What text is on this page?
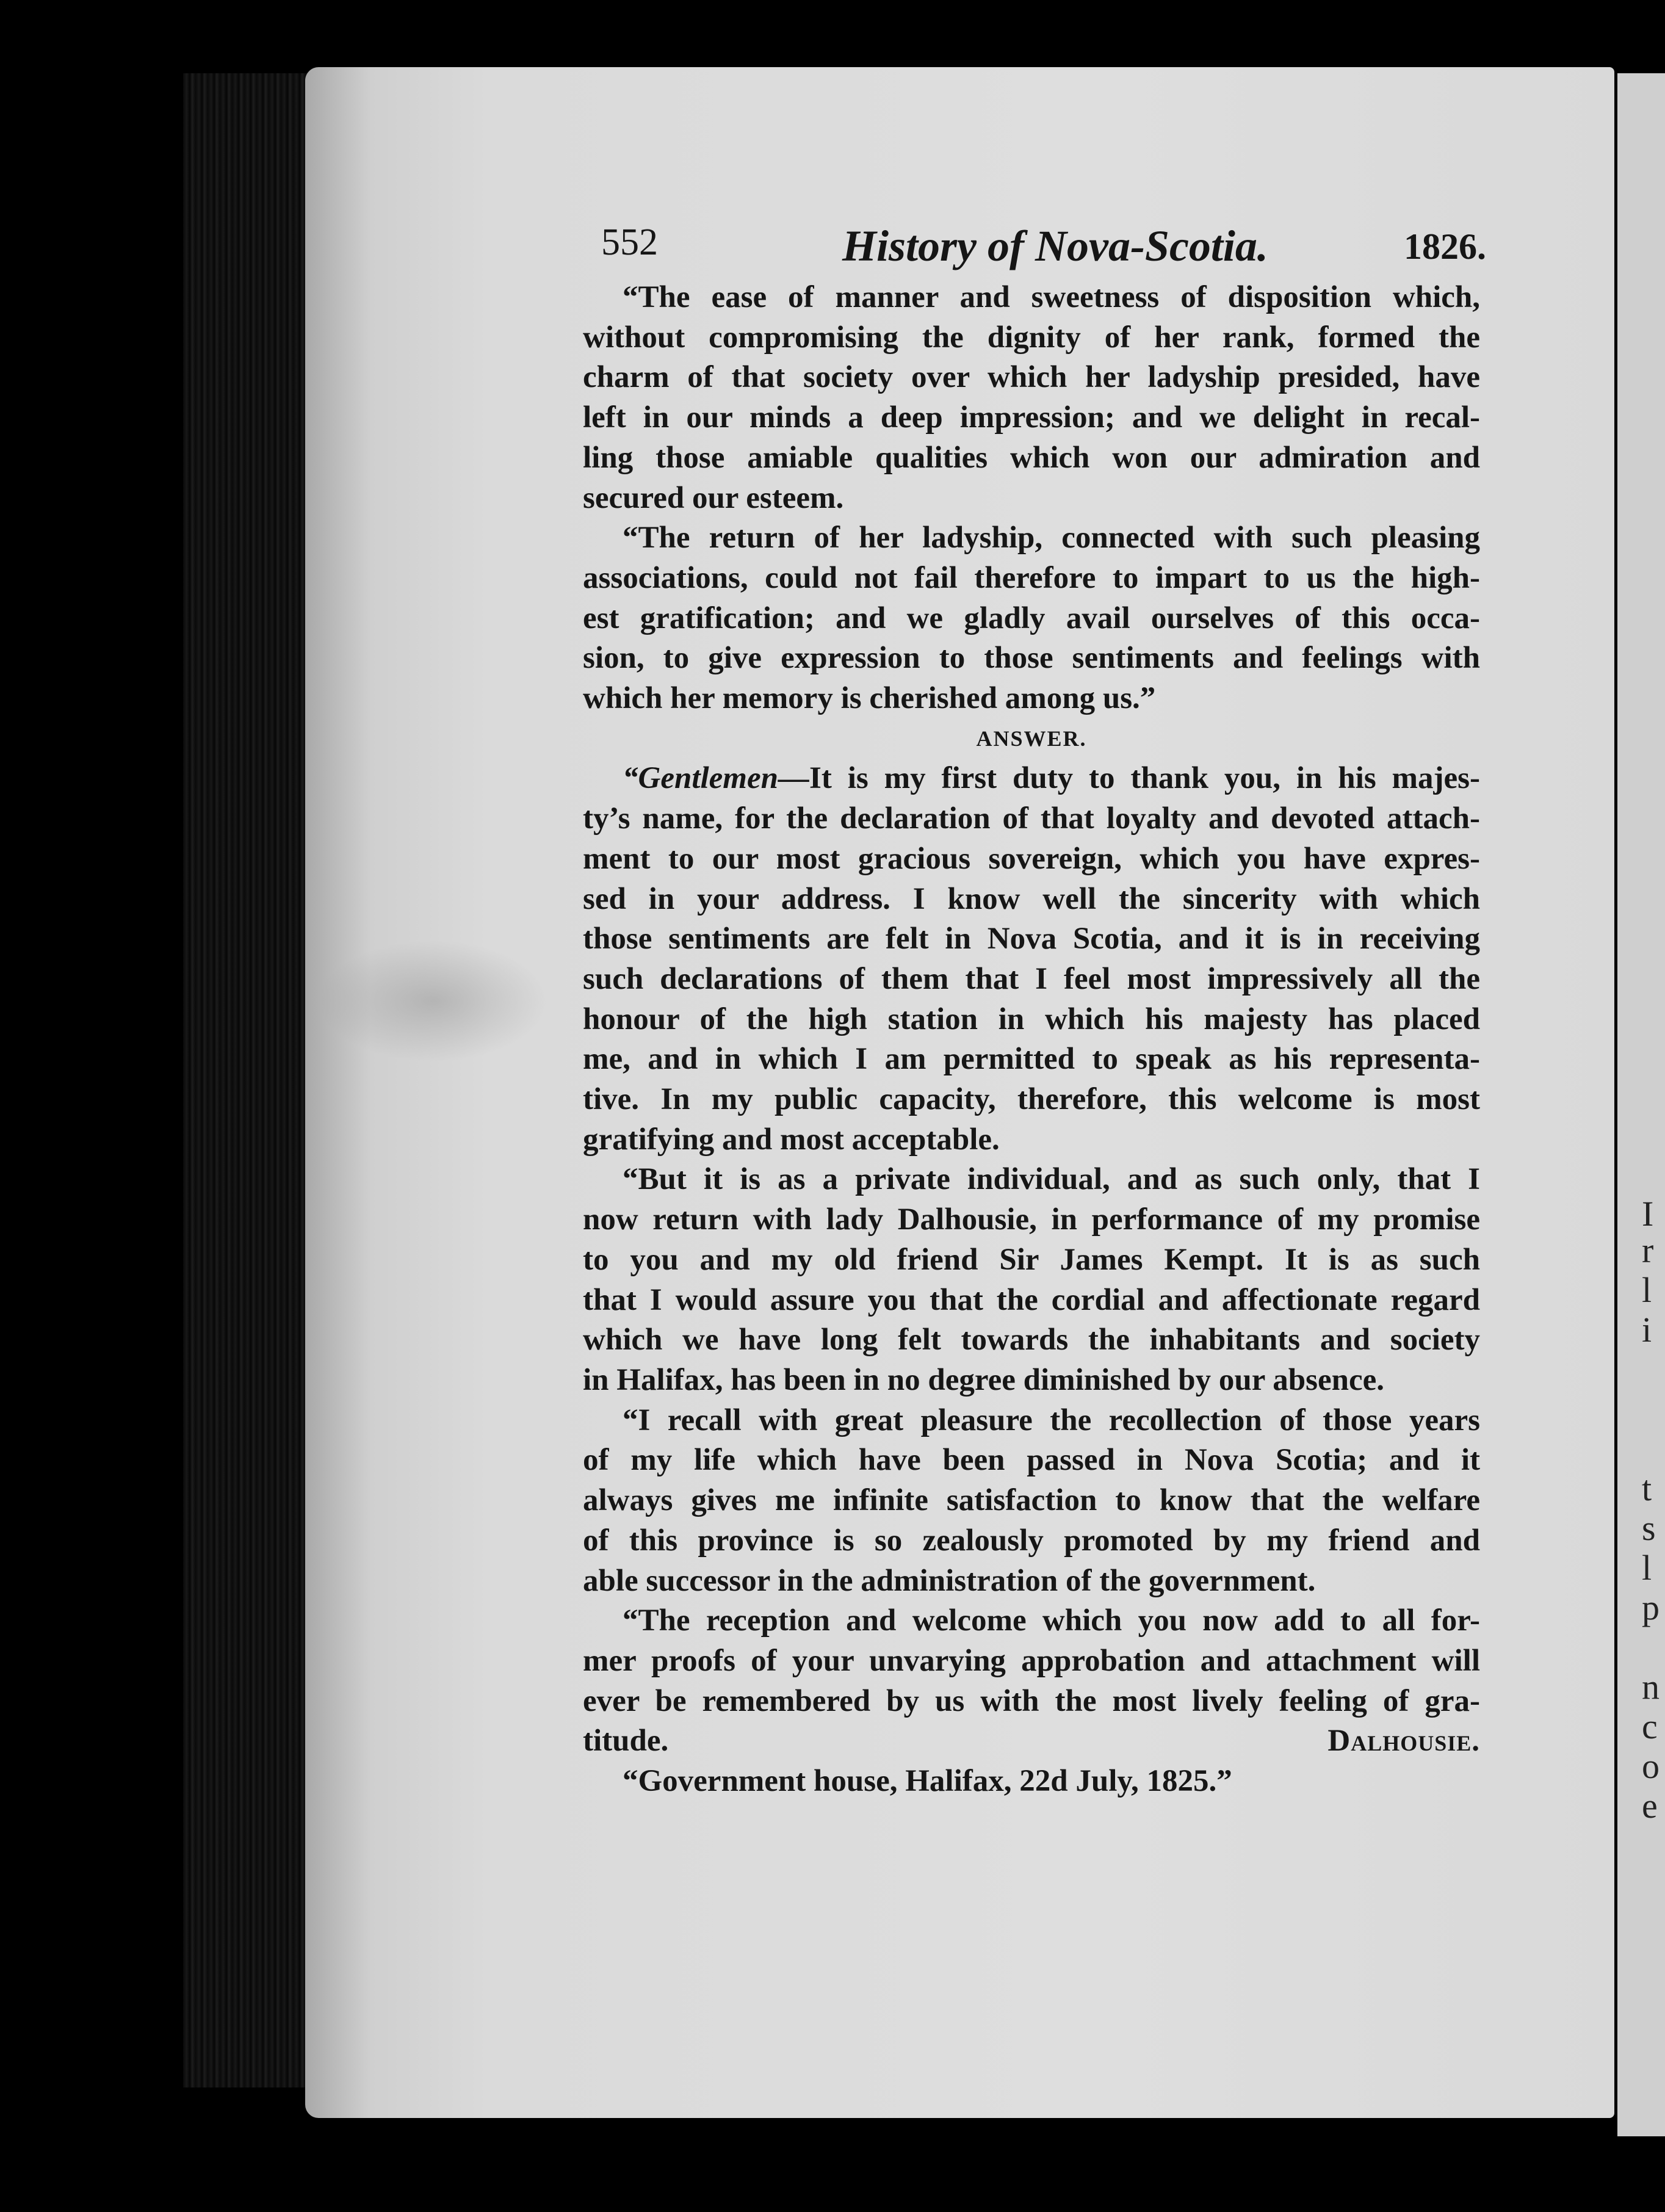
I
r
l
i
t
s
l
p
n
c
o
e
552	History of Nova-Scotia.	1826.
“The ease of manner and sweetness of disposition which,
without compromising the dignity of her rank, formed the
charm of that society over which her ladyship presided, have
left in our minds a deep impression; and we delight in recal-
ling those amiable qualities which won our admiration and
secured our esteem.
“The return of her ladyship, connected with such pleasing
associations, could not fail therefore to impart to us the high-
est gratification; and we gladly avail ourselves of this occa-
sion, to give expression to those sentiments and feelings with
which her memory is cherished among us.”
ANSWER.
“Gentlemen—It is my first duty to thank you, in his majes-
ty’s name, for the declaration of that loyalty and devoted attach-
ment to our most gracious sovereign, which you have expres-
sed in your address. I know well the sincerity with which
those sentiments are felt in Nova Scotia, and it is in receiving
such declarations of them that I feel most impressively all the
honour of the high station in which his majesty has placed
me, and in which I am permitted to speak as his representa-
tive. In my public capacity, therefore, this welcome is most
gratifying and most acceptable.
“But it is as a private individual, and as such only, that I
now return with lady Dalhousie, in performance of my promise
to you and my old friend Sir James Kempt. It is as such
that I would assure you that the cordial and affectionate regard
which we have long felt towards the inhabitants and society
in Halifax, has been in no degree diminished by our absence.
“I recall with great pleasure the recollection of those years
of my life which have been passed in Nova Scotia; and it
always gives me infinite satisfaction to know that the welfare
of this province is so zealously promoted by my friend and
able successor in the administration of the government.
“The reception and welcome which you now add to all for-
mer proofs of your unvarying approbation and attachment will
ever be remembered by us with the most lively feeling of gra-
titude.	Dalhousie.
“Government house, Halifax, 22d July, 1825.”
